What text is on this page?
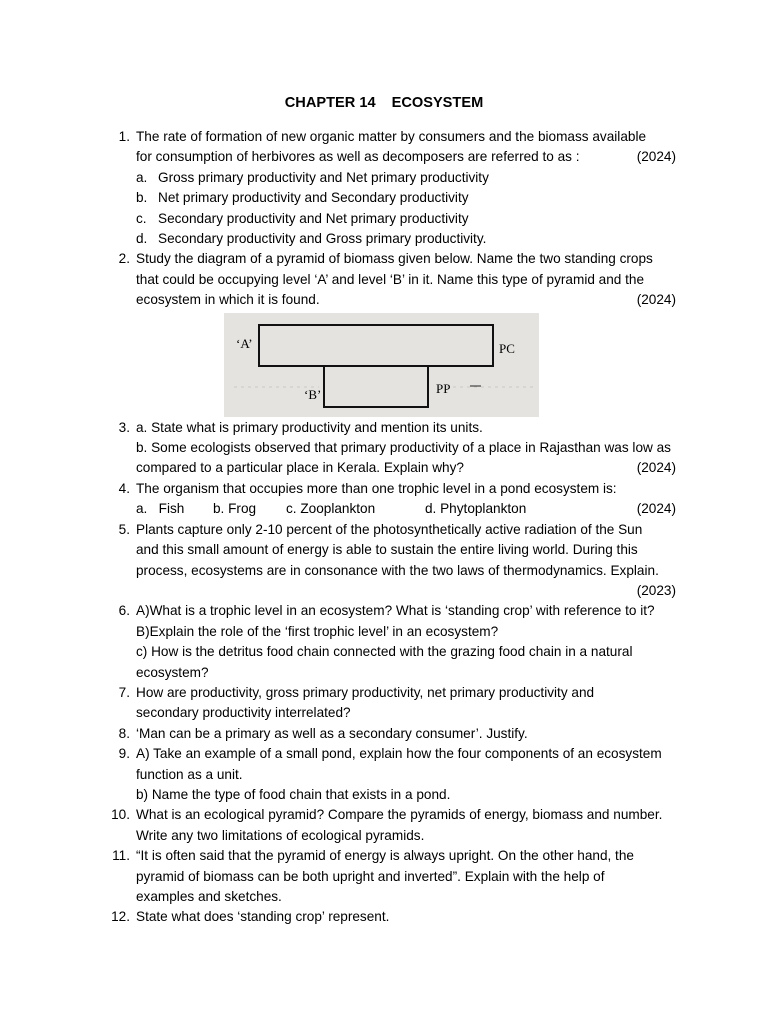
CHAPTER 14 ECOSYSTEM
1. The rate of formation of new organic matter by consumers and the biomass available
for consumption of herbivores as well as decomposers are referred to as :	(2024)
a. Gross primary productivity and Net primary productivity
b. Net primary productivity and Secondary productivity
c. Secondary productivity and Net primary productivity
d. Secondary productivity and Gross primary productivity.
2. Study the diagram of a pyramid of biomass given below. Name the two standing crops
that could be occupying level ‘A’ and level ‘B’ in it. Name this type of pyramid and the
ecosystem in which it is found.	(2024)
‘A’	PC
‘B’	PP
3. a. State what is primary productivity and mention its units.
b. Some ecologists observed that primary productivity of a place in Rajasthan was low as
compared to a particular place in Kerala. Explain why?	(2024)
4. The organism that occupies more than one trophic level in a pond ecosystem is:
a.   Fish b. Frog c. Zooplankton	d. Phytoplankton	(2024)
5. Plants capture only 2-10 percent of the photosynthetically active radiation of the Sun
and this small amount of energy is able to sustain the entire living world. During this
process, ecosystems are in consonance with the two laws of thermodynamics. Explain.
(2023)

6. A)What is a trophic level in an ecosystem? What is ‘standing crop’ with reference to it?
B)Explain the role of the ‘first trophic level’ in an ecosystem?
c) How is the detritus food chain connected with the grazing food chain in a natural
ecosystem?
7. How are productivity, gross primary productivity, net primary productivity and
secondary productivity interrelated?
8. ‘Man can be a primary as well as a secondary consumer’. Justify.
9. A) Take an example of a small pond, explain how the four components of an ecosystem
function as a unit.
b) Name the type of food chain that exists in a pond.
10. What is an ecological pyramid? Compare the pyramids of energy, biomass and number.
Write any two limitations of ecological pyramids.
11. “It is often said that the pyramid of energy is always upright. On the other hand, the
pyramid of biomass can be both upright and inverted”. Explain with the help of
examples and sketches.
12. State what does ‘standing crop’ represent.
